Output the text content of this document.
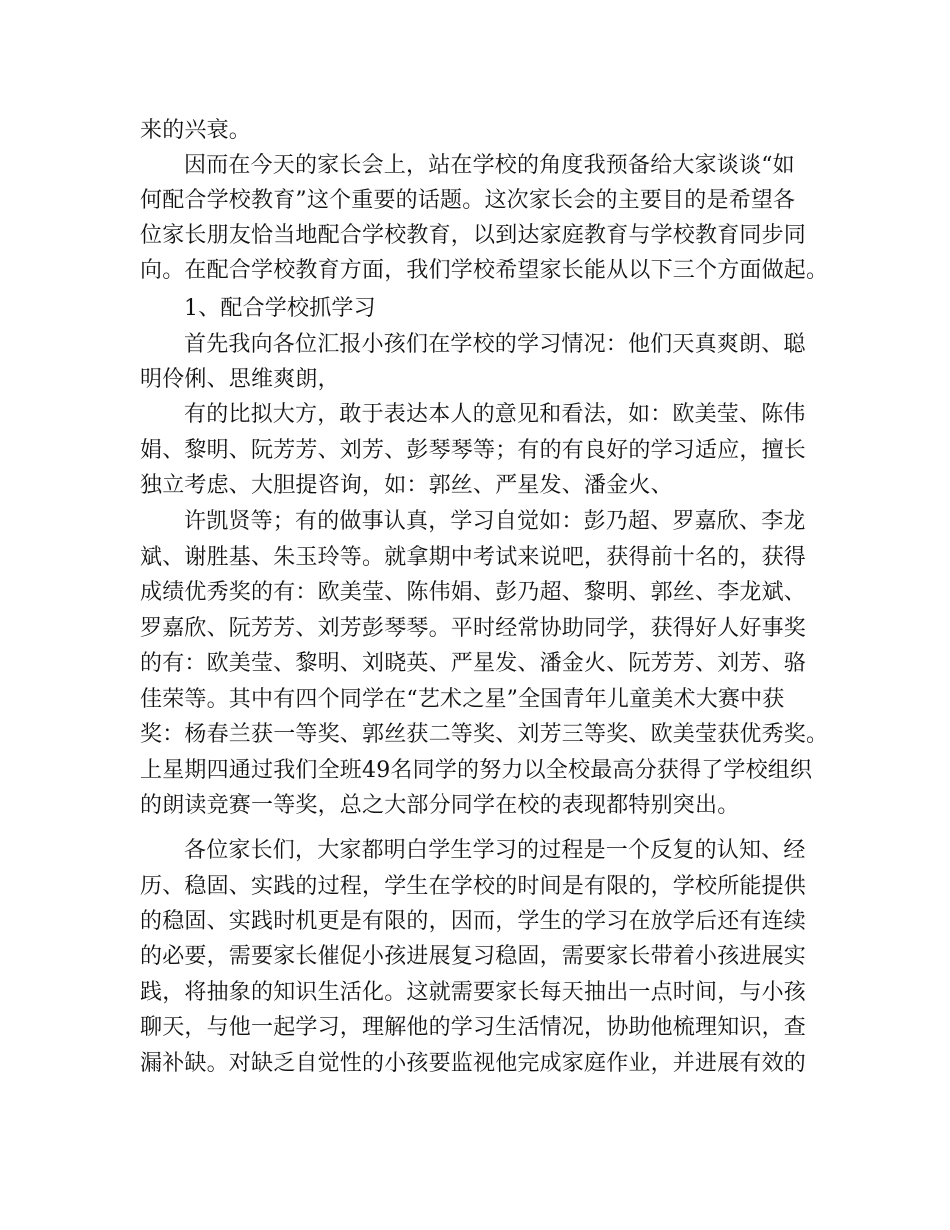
来的兴衰。
因而在今天的家长会上，站在学校的角度我预备给大家谈谈“如
何配合学校教育”这个重要的话题。这次家长会的主要目的是希望各
位家长朋友恰当地配合学校教育，以到达家庭教育与学校教育同步同
向。在配合学校教育方面，我们学校希望家长能从以下三个方面做起。
1、配合学校抓学习
首先我向各位汇报小孩们在学校的学习情况：他们天真爽朗、聪
明伶俐、思维爽朗，
有的比拟大方，敢于表达本人的意见和看法，如：欧美莹、陈伟
娟、黎明、阮芳芳、刘芳、彭琴琴等；有的有良好的学习适应，擅长
独立考虑、大胆提咨询，如：郭丝、严星发、潘金火、
许凯贤等；有的做事认真，学习自觉如：彭乃超、罗嘉欣、李龙
斌、谢胜基、朱玉玲等。就拿期中考试来说吧，获得前十名的，获得
成绩优秀奖的有：欧美莹、陈伟娟、彭乃超、黎明、郭丝、李龙斌、
罗嘉欣、阮芳芳、刘芳彭琴琴。平时经常协助同学，获得好人好事奖
的有：欧美莹、黎明、刘晓英、严星发、潘金火、阮芳芳、刘芳、骆
佳荣等。其中有四个同学在“艺术之星”全国青年儿童美术大赛中获
奖：杨春兰获一等奖、郭丝获二等奖、刘芳三等奖、欧美莹获优秀奖。
上星期四通过我们全班49名同学的努力以全校最高分获得了学校组织
的朗读竞赛一等奖，总之大部分同学在校的表现都特别突出。
各位家长们，大家都明白学生学习的过程是一个反复的认知、经
历、稳固、实践的过程，学生在学校的时间是有限的，学校所能提供
的稳固、实践时机更是有限的，因而，学生的学习在放学后还有连续
的必要，需要家长催促小孩进展复习稳固，需要家长带着小孩进展实
践，将抽象的知识生活化。这就需要家长每天抽出一点时间，与小孩
聊天，与他一起学习，理解他的学习生活情况，协助他梳理知识，查
漏补缺。对缺乏自觉性的小孩要监视他完成家庭作业，并进展有效的
